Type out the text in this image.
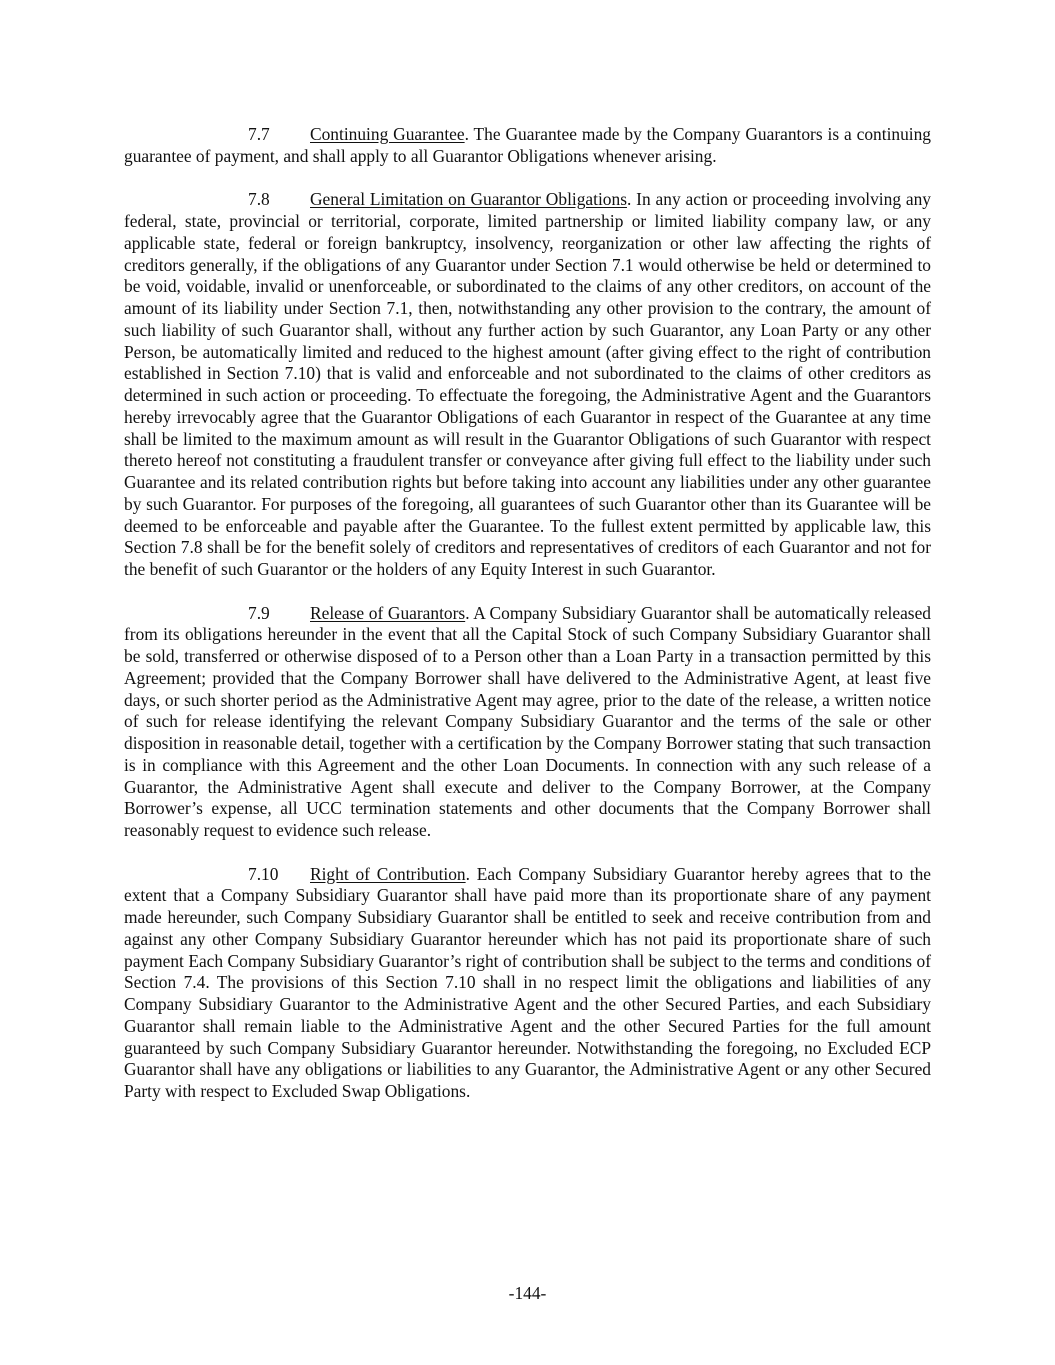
7.7 Continuing Guarantee. The Guarantee made by the Company Guarantors is a continuing guarantee of payment, and shall apply to all Guarantor Obligations whenever arising.

7.8 General Limitation on Guarantor Obligations. In any action or proceeding involving any federal, state, provincial or territorial, corporate, limited partnership or limited liability company law, or any applicable state, federal or foreign bankruptcy, insolvency, reorganization or other law affecting the rights of creditors generally, if the obligations of any Guarantor under Section 7.1 would otherwise be held or determined to be void, voidable, invalid or unenforceable, or subordinated to the claims of any other creditors, on account of the amount of its liability under Section 7.1, then, notwithstanding any other provision to the contrary, the amount of such liability of such Guarantor shall, without any further action by such Guarantor, any Loan Party or any other Person, be automatically limited and reduced to the highest amount (after giving effect to the right of contribution established in Section 7.10) that is valid and enforceable and not subordinated to the claims of other creditors as determined in such action or proceeding. To effectuate the foregoing, the Administrative Agent and the Guarantors hereby irrevocably agree that the Guarantor Obligations of each Guarantor in respect of the Guarantee at any time shall be limited to the maximum amount as will result in the Guarantor Obligations of such Guarantor with respect thereto hereof not constituting a fraudulent transfer or conveyance after giving full effect to the liability under such Guarantee and its related contribution rights but before taking into account any liabilities under any other guarantee by such Guarantor. For purposes of the foregoing, all guarantees of such Guarantor other than its Guarantee will be deemed to be enforceable and payable after the Guarantee. To the fullest extent permitted by applicable law, this Section 7.8 shall be for the benefit solely of creditors and representatives of creditors of each Guarantor and not for the benefit of such Guarantor or the holders of any Equity Interest in such Guarantor.

7.9 Release of Guarantors. A Company Subsidiary Guarantor shall be automatically released from its obligations hereunder in the event that all the Capital Stock of such Company Subsidiary Guarantor shall be sold, transferred or otherwise disposed of to a Person other than a Loan Party in a transaction permitted by this Agreement; provided that the Company Borrower shall have delivered to the Administrative Agent, at least five days, or such shorter period as the Administrative Agent may agree, prior to the date of the release, a written notice of such for release identifying the relevant Company Subsidiary Guarantor and the terms of the sale or other disposition in reasonable detail, together with a certification by the Company Borrower stating that such transaction is in compliance with this Agreement and the other Loan Documents. In connection with any such release of a Guarantor, the Administrative Agent shall execute and deliver to the Company Borrower, at the Company Borrower’s expense, all UCC termination statements and other documents that the Company Borrower shall reasonably request to evidence such release.

7.10 Right of Contribution. Each Company Subsidiary Guarantor hereby agrees that to the extent that a Company Subsidiary Guarantor shall have paid more than its proportionate share of any payment made hereunder, such Company Subsidiary Guarantor shall be entitled to seek and receive contribution from and against any other Company Subsidiary Guarantor hereunder which has not paid its proportionate share of such payment Each Company Subsidiary Guarantor’s right of contribution shall be subject to the terms and conditions of Section 7.4. The provisions of this Section 7.10 shall in no respect limit the obligations and liabilities of any Company Subsidiary Guarantor to the Administrative Agent and the other Secured Parties, and each Subsidiary Guarantor shall remain liable to the Administrative Agent and the other Secured Parties for the full amount guaranteed by such Company Subsidiary Guarantor hereunder. Notwithstanding the foregoing, no Excluded ECP Guarantor shall have any obligations or liabilities to any Guarantor, the Administrative Agent or any other Secured Party with respect to Excluded Swap Obligations.

-144-
